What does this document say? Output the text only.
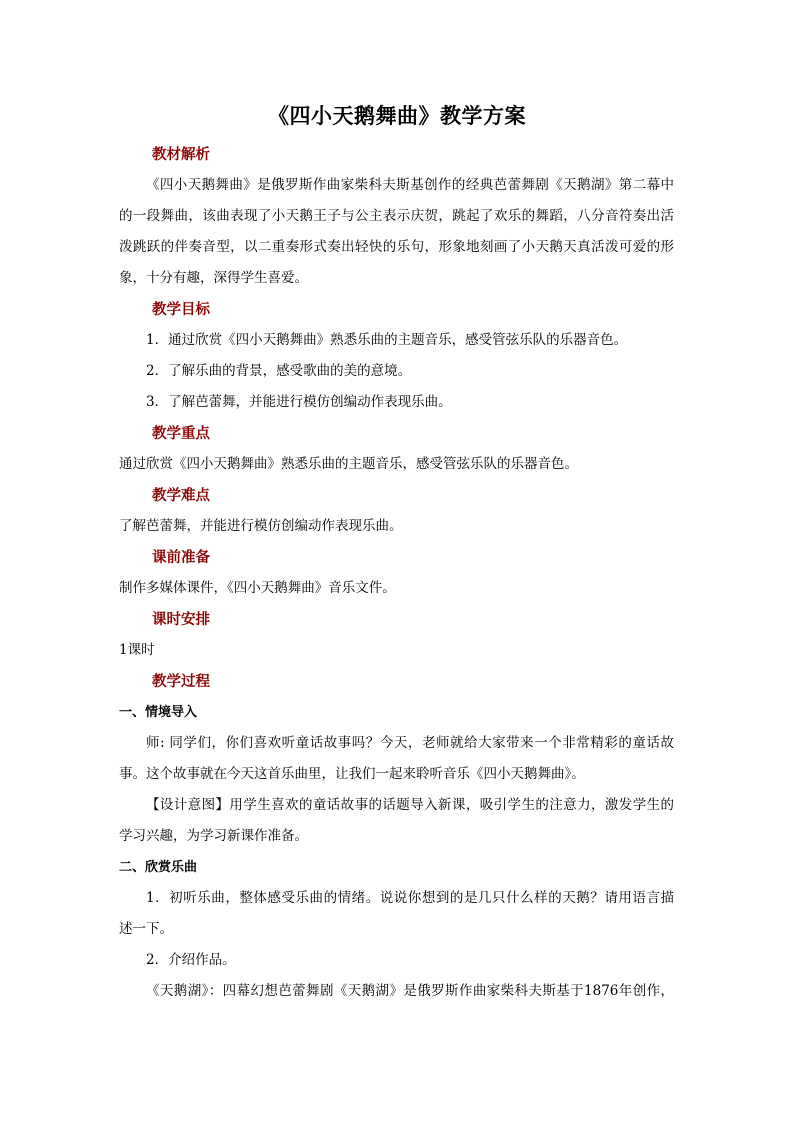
《四小天鹅舞曲》教学方案
教材解析
《四小天鹅舞曲》是俄罗斯作曲家柴科夫斯基创作的经典芭蕾舞剧《天鹅湖》第二幕中
的一段舞曲，该曲表现了小天鹅王子与公主表示庆贺，跳起了欢乐的舞蹈，八分音符奏出活
泼跳跃的伴奏音型，以二重奏形式奏出轻快的乐句，形象地刻画了小天鹅天真活泼可爱的形
象，十分有趣，深得学生喜爱。
教学目标
1．通过欣赏《四小天鹅舞曲》熟悉乐曲的主题音乐，感受管弦乐队的乐器音色。
2．了解乐曲的背景，感受歌曲的美的意境。
3．了解芭蕾舞，并能进行模仿创编动作表现乐曲。
教学重点
通过欣赏《四小天鹅舞曲》熟悉乐曲的主题音乐，感受管弦乐队的乐器音色。
教学难点
了解芭蕾舞，并能进行模仿创编动作表现乐曲。
课前准备
制作多媒体课件，《四小天鹅舞曲》音乐文件。
课时安排
1课时
教学过程
一、情境导入
师: 同学们，你们喜欢听童话故事吗？今天，老师就给大家带来一个非常精彩的童话故
事。这个故事就在今天这首乐曲里，让我们一起来聆听音乐《四小天鹅舞曲》。
【设计意图】用学生喜欢的童话故事的话题导入新课，吸引学生的注意力，激发学生的
学习兴趣，为学习新课作准备。
二、欣赏乐曲
1．初听乐曲，整体感受乐曲的情绪。说说你想到的是几只什么样的天鹅？请用语言描
述一下。
2．介绍作品。
《天鹅湖》：四幕幻想芭蕾舞剧《天鹅湖》是俄罗斯作曲家柴科夫斯基于1876年创作，
